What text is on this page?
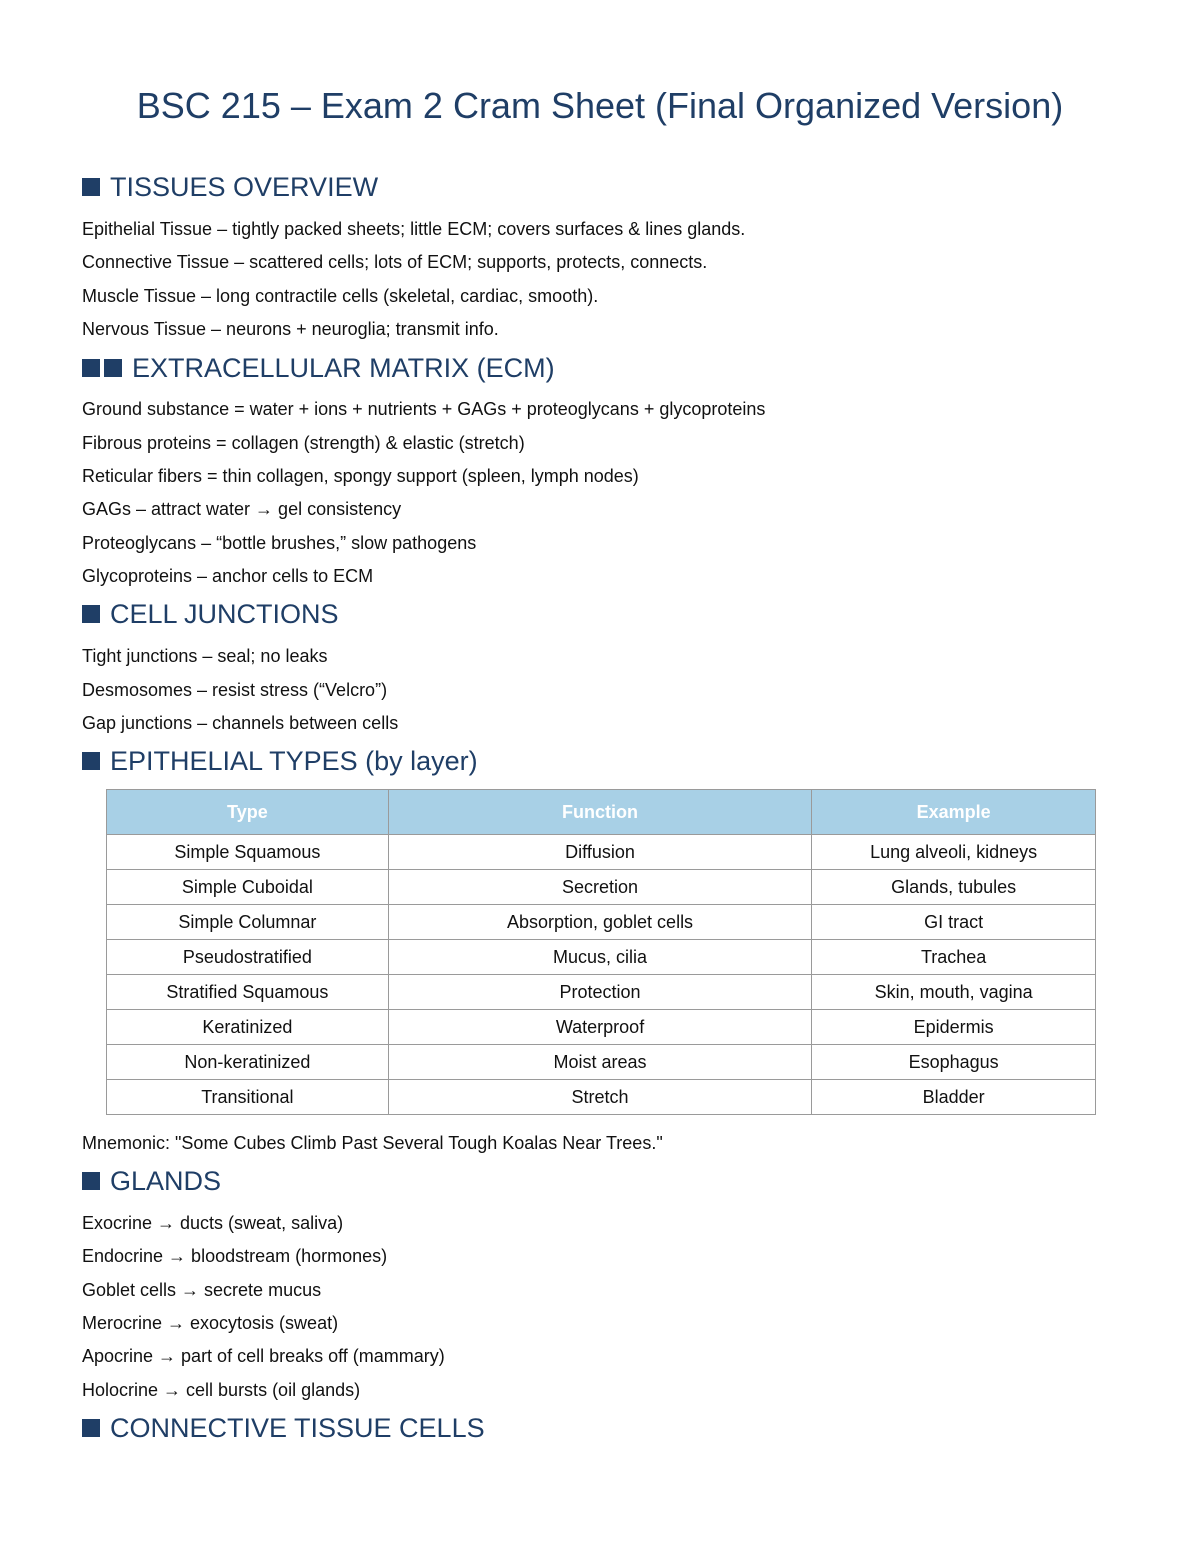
BSC 215 – Exam 2 Cram Sheet (Final Organized Version)
TISSUES OVERVIEW
Epithelial Tissue – tightly packed sheets; little ECM; covers surfaces & lines glands.
Connective Tissue – scattered cells; lots of ECM; supports, protects, connects.
Muscle Tissue – long contractile cells (skeletal, cardiac, smooth).
Nervous Tissue – neurons + neuroglia; transmit info.
EXTRACELLULAR MATRIX (ECM)
Ground substance = water + ions + nutrients + GAGs + proteoglycans + glycoproteins
Fibrous proteins = collagen (strength) & elastic (stretch)
Reticular fibers = thin collagen, spongy support (spleen, lymph nodes)
GAGs – attract water → gel consistency
Proteoglycans – “bottle brushes,” slow pathogens
Glycoproteins – anchor cells to ECM
CELL JUNCTIONS
Tight junctions – seal; no leaks
Desmosomes – resist stress (“Velcro”)
Gap junctions – channels between cells
EPITHELIAL TYPES (by layer)
Type	Function	Example
Simple Squamous	Diffusion	Lung alveoli, kidneys
Simple Cuboidal	Secretion	Glands, tubules
Simple Columnar	Absorption, goblet cells	GI tract
Pseudostratified	Mucus, cilia	Trachea
Stratified Squamous	Protection	Skin, mouth, vagina
Keratinized	Waterproof	Epidermis
Non-keratinized	Moist areas	Esophagus
Transitional	Stretch	Bladder
Mnemonic: "Some Cubes Climb Past Several Tough Koalas Near Trees."
GLANDS
Exocrine → ducts (sweat, saliva)
Endocrine → bloodstream (hormones)
Goblet cells → secrete mucus
Merocrine → exocytosis (sweat)
Apocrine → part of cell breaks off (mammary)
Holocrine → cell bursts (oil glands)
CONNECTIVE TISSUE CELLS
